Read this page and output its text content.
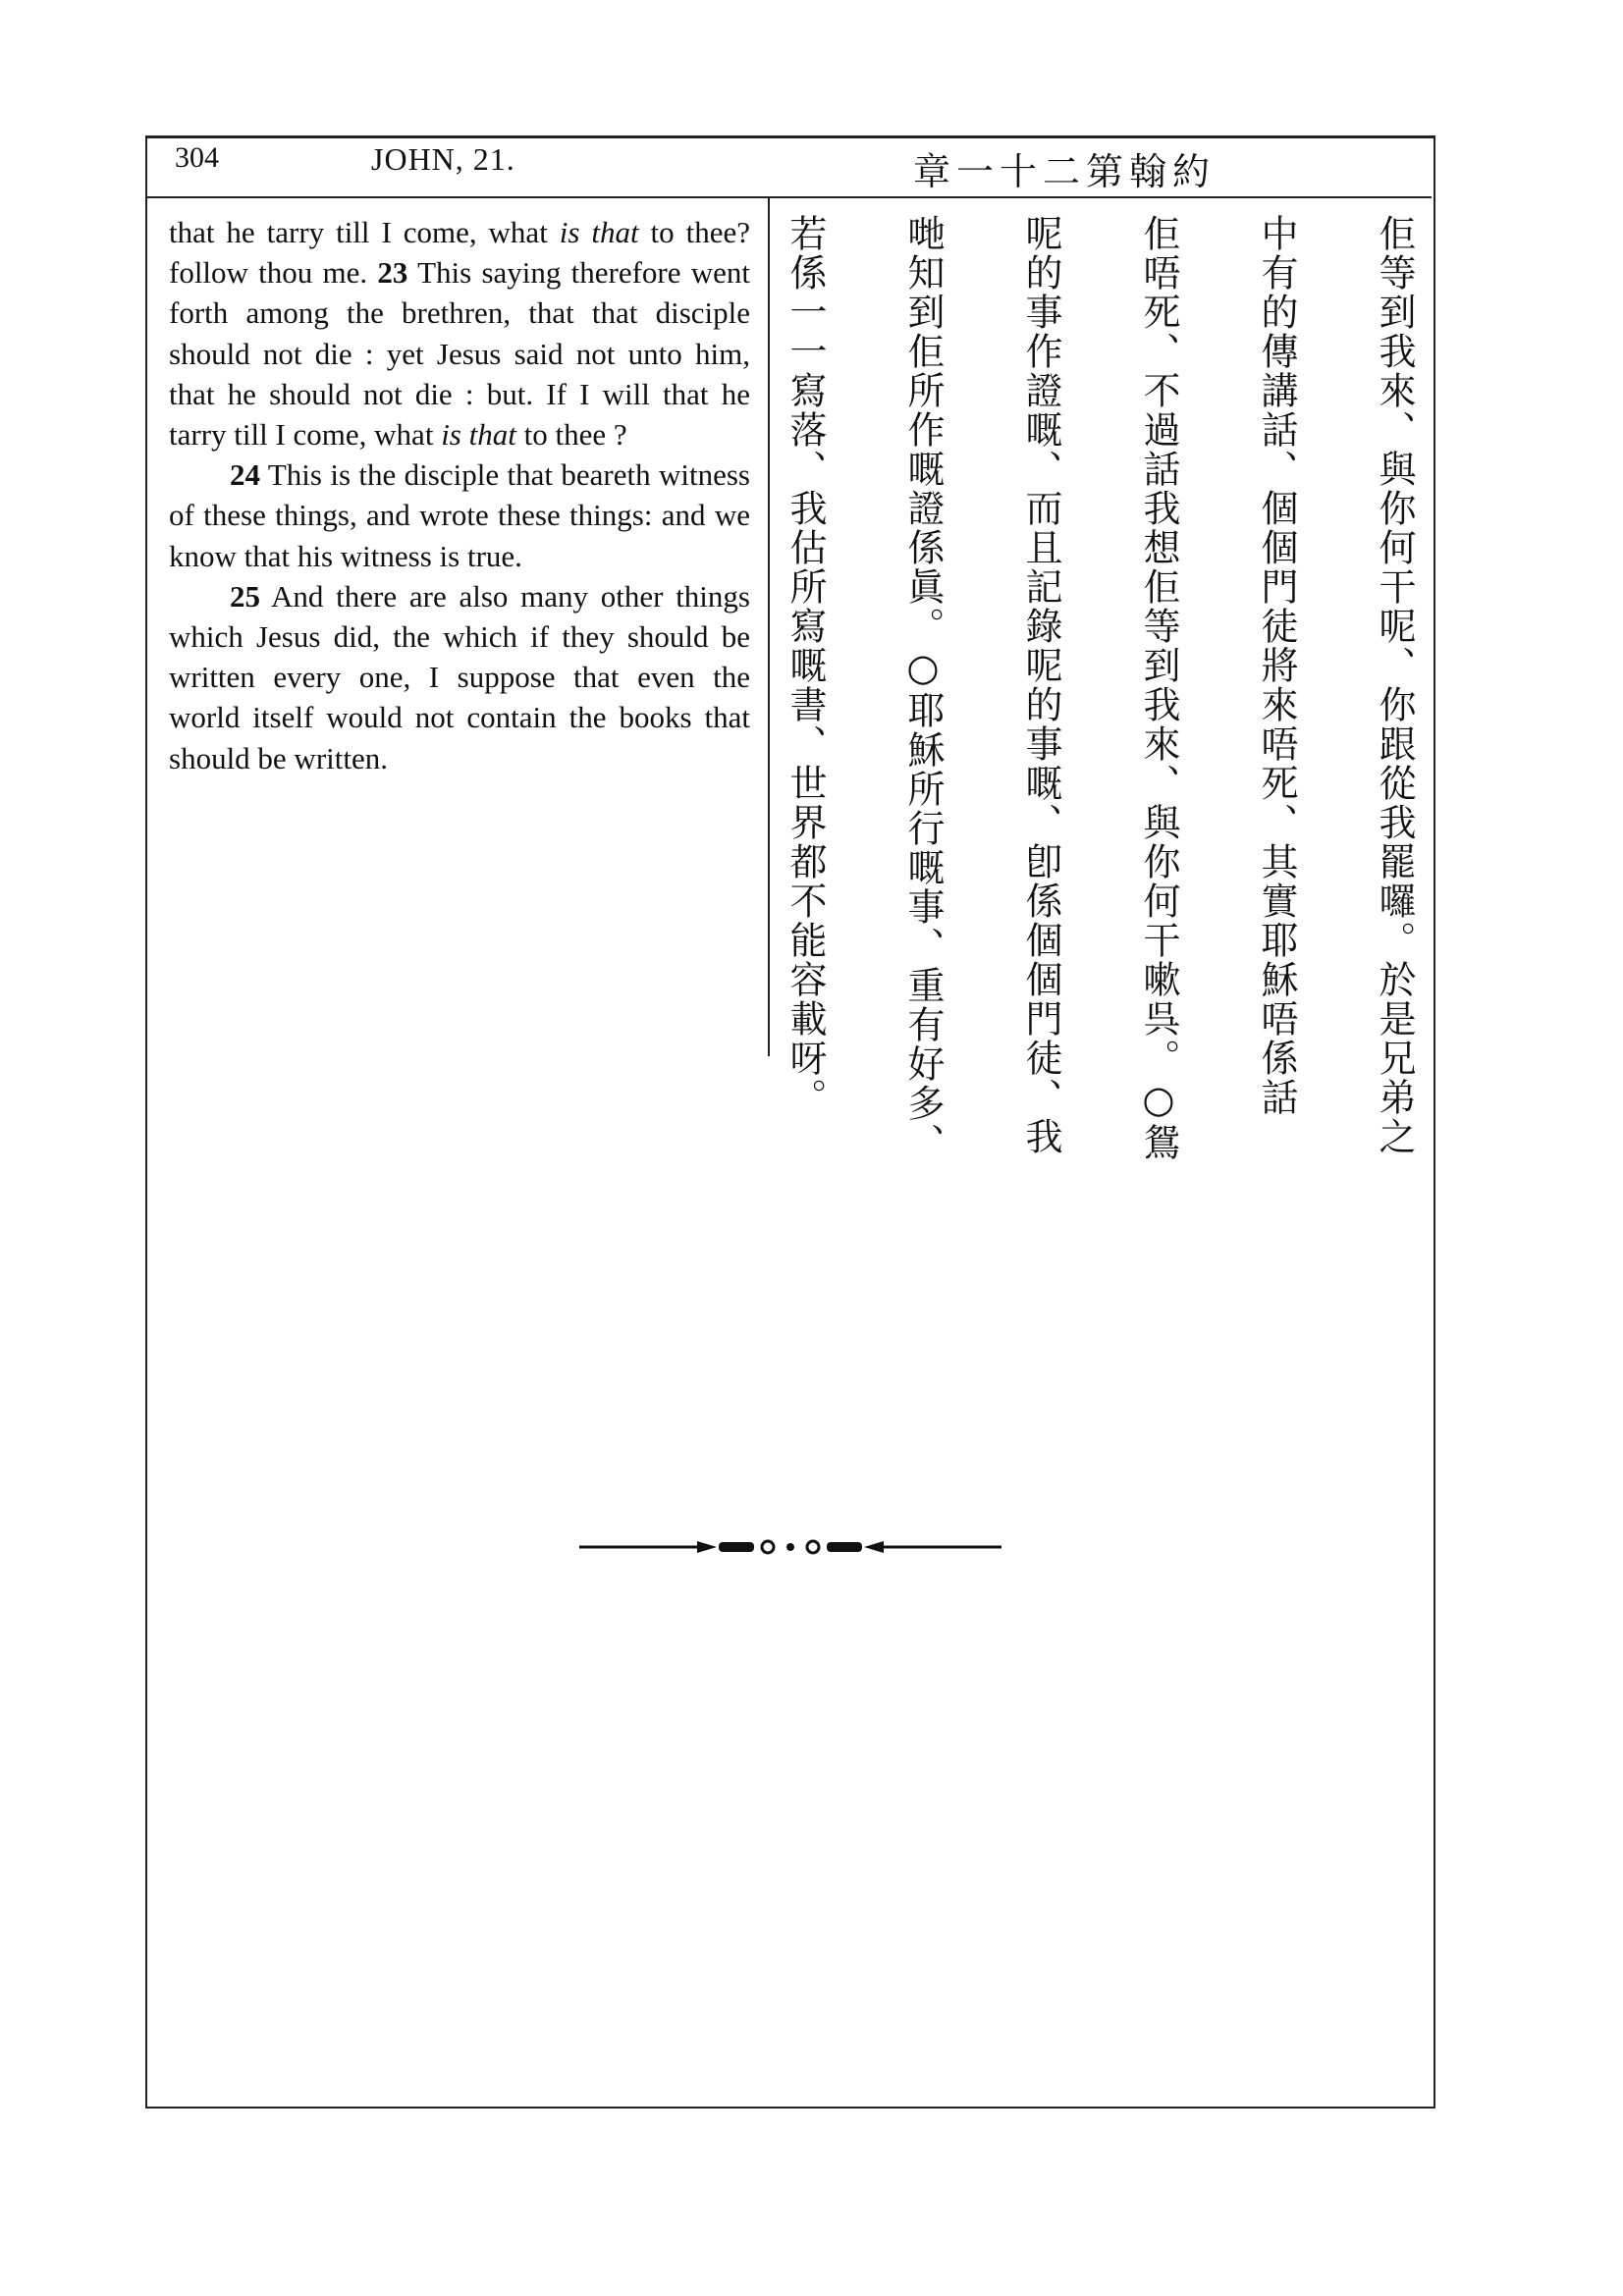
304	JOHN, 21.	約翰第二十一章

that he tarry till I come, what is that to thee? follow thou me. 23 This saying therefore went forth among the brethren, that that disciple should not die : yet Jesus said not unto him, that he should not die : but. If I will that he tarry till I come, what is that to thee ?

24 This is the disciple that beareth witness of these things, and wrote these things: and we know that his witness is true.

25 And there are also many other things which Jesus did, the which if they should be written every one, I suppose that even the world itself would not contain the books that should be written.	佢等到我來、與你何干呢、你跟從我罷囉。於是兄弟之
中有的傳講話、個個門徒將來唔死、其實耶穌唔係話
佢唔死、不過話我想佢等到我來、與你何干嗽呉。○鴛
呢的事作證嘅、而且記錄呢的事嘅、卽係個個門徒、我
哋知到佢所作嘅證係眞。○耶穌所行嘅事、重有好多、
若係一一寫落、我估所寫嘅書、世界都不能容載呀。
